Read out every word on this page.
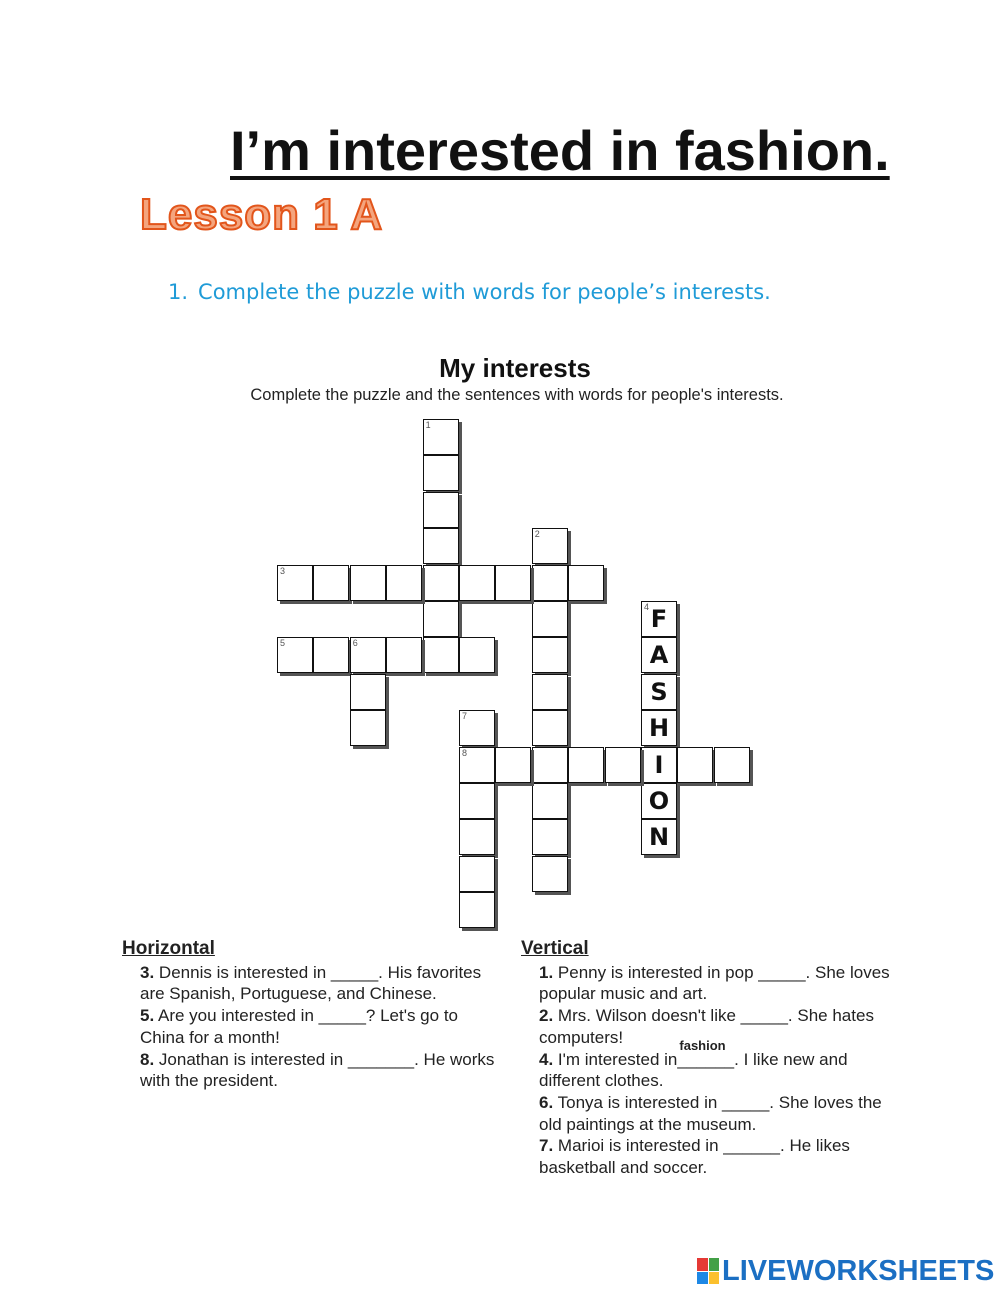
I’m interested in fashion.
Lesson 1 A
1. Complete the puzzle with words for people’s interests.
My interests
Complete the puzzle and the sentences with words for people's interests.
1
2
3
4 F
A
S
H
I
O
N
5	6
7
8
Horizontal
3. Dennis is interested in _____. His favorites are Spanish, Portuguese, and Chinese.
5. Are you interested in _____? Let's go to China for a month!
8. Jonathan is interested in _______. He works with the president.
Vertical
1. Penny is interested in pop _____. She loves popular music and art.
2. Mrs. Wilson doesn't like _____. She hates computers!
4. I'm interested in
fashion
______. I like new and different clothes.
6. Tonya is interested in _____. She loves the old paintings at the museum.
7. Marioi is interested in ______. He likes basketball and soccer.
LIVEWORKSHEETS
